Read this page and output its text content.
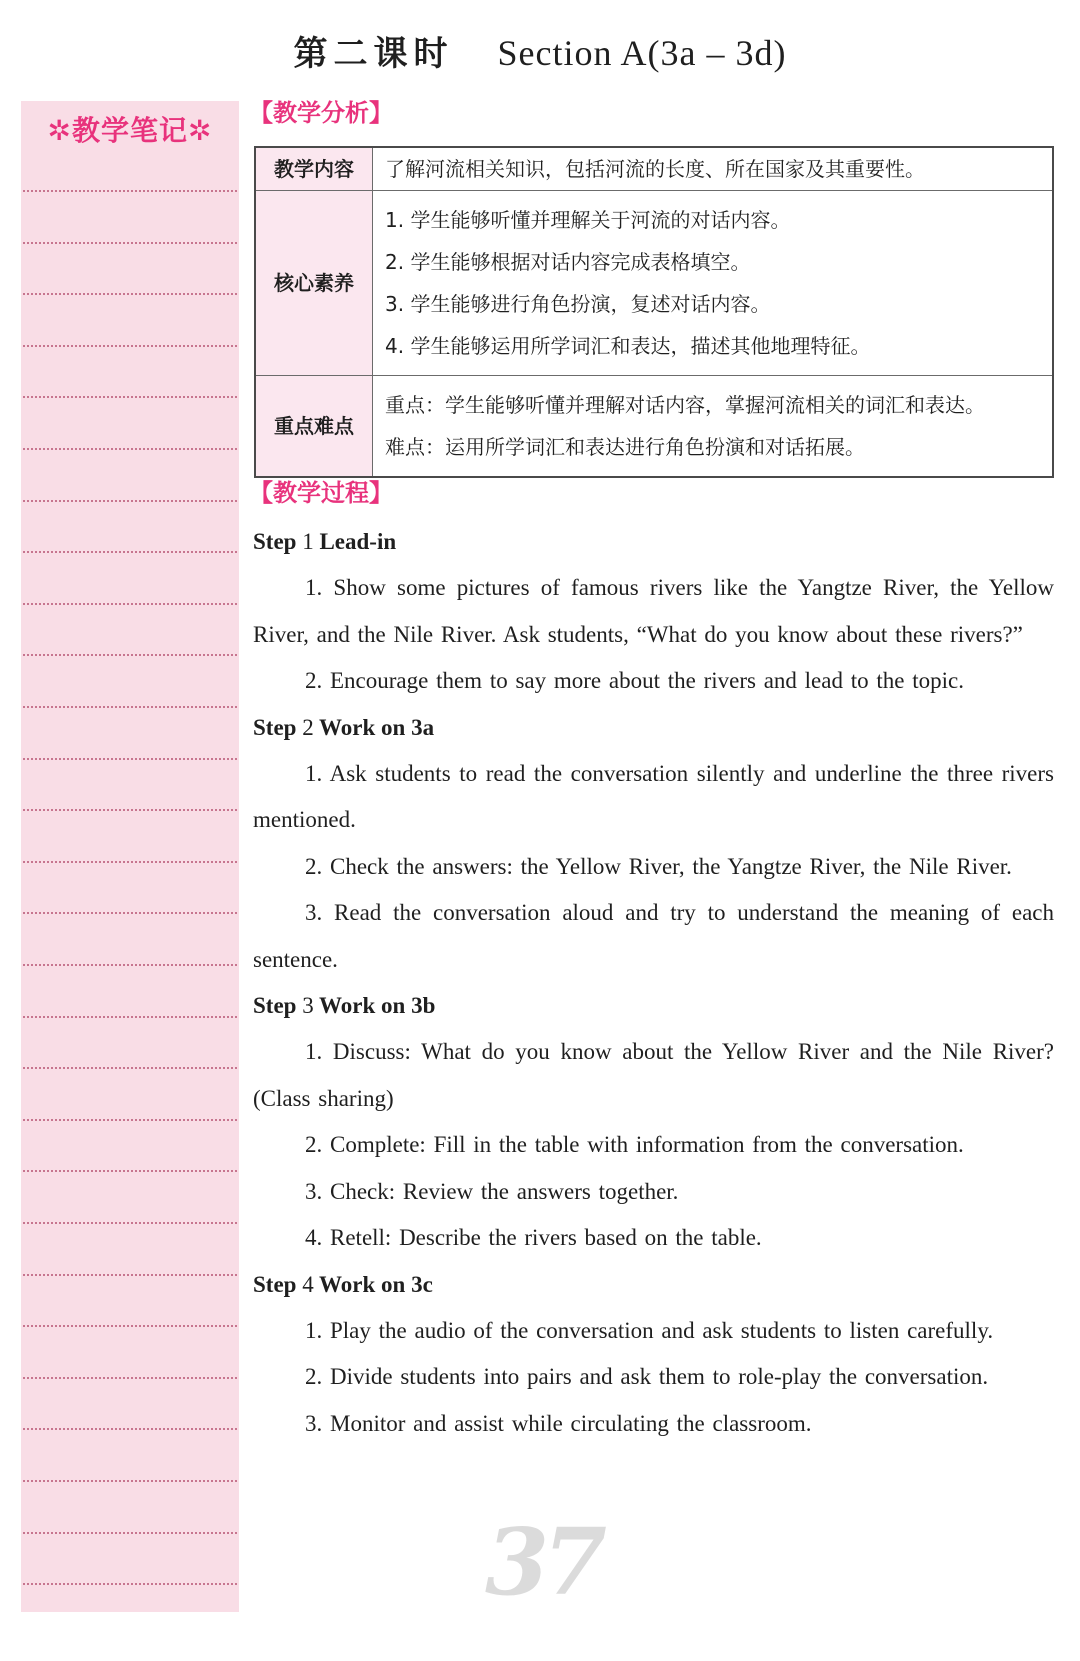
第二课时 Section A(3a – 3d)
✲教学笔记✲
【教学分析】
教学内容	了解河流相关知识，包括河流的长度、所在国家及其重要性。
核心素养
1. 学生能够听懂并理解关于河流的对话内容。
2. 学生能够根据对话内容完成表格填空。
3. 学生能够进行角色扮演，复述对话内容。
4. 学生能够运用所学词汇和表达，描述其他地理特征。
重点难点
重点：学生能够听懂并理解对话内容，掌握河流相关的词汇和表达。
难点：运用所学词汇和表达进行角色扮演和对话拓展。
【教学过程】
37

Step 1 Lead-in

1. Show some pictures of famous rivers like the Yangtze River, the Yellow River, and the Nile River. Ask students, “What do you know about these rivers?”

2. Encourage them to say more about the rivers and lead to the topic.

Step 2 Work on 3a

1. Ask students to read the conversation silently and underline the three rivers mentioned.

2. Check the answers: the Yellow River, the Yangtze River, the Nile River.

3. Read the conversation aloud and try to understand the meaning of each sentence.

Step 3 Work on 3b

1. Discuss: What do you know about the Yellow River and the Nile River? (Class sharing)

2. Complete: Fill in the table with information from the conversation.

3. Check: Review the answers together.

4. Retell: Describe the rivers based on the table.

Step 4 Work on 3c

1. Play the audio of the conversation and ask students to listen carefully.

2. Divide students into pairs and ask them to role-play the conversation.

3. Monitor and assist while circulating the classroom.
